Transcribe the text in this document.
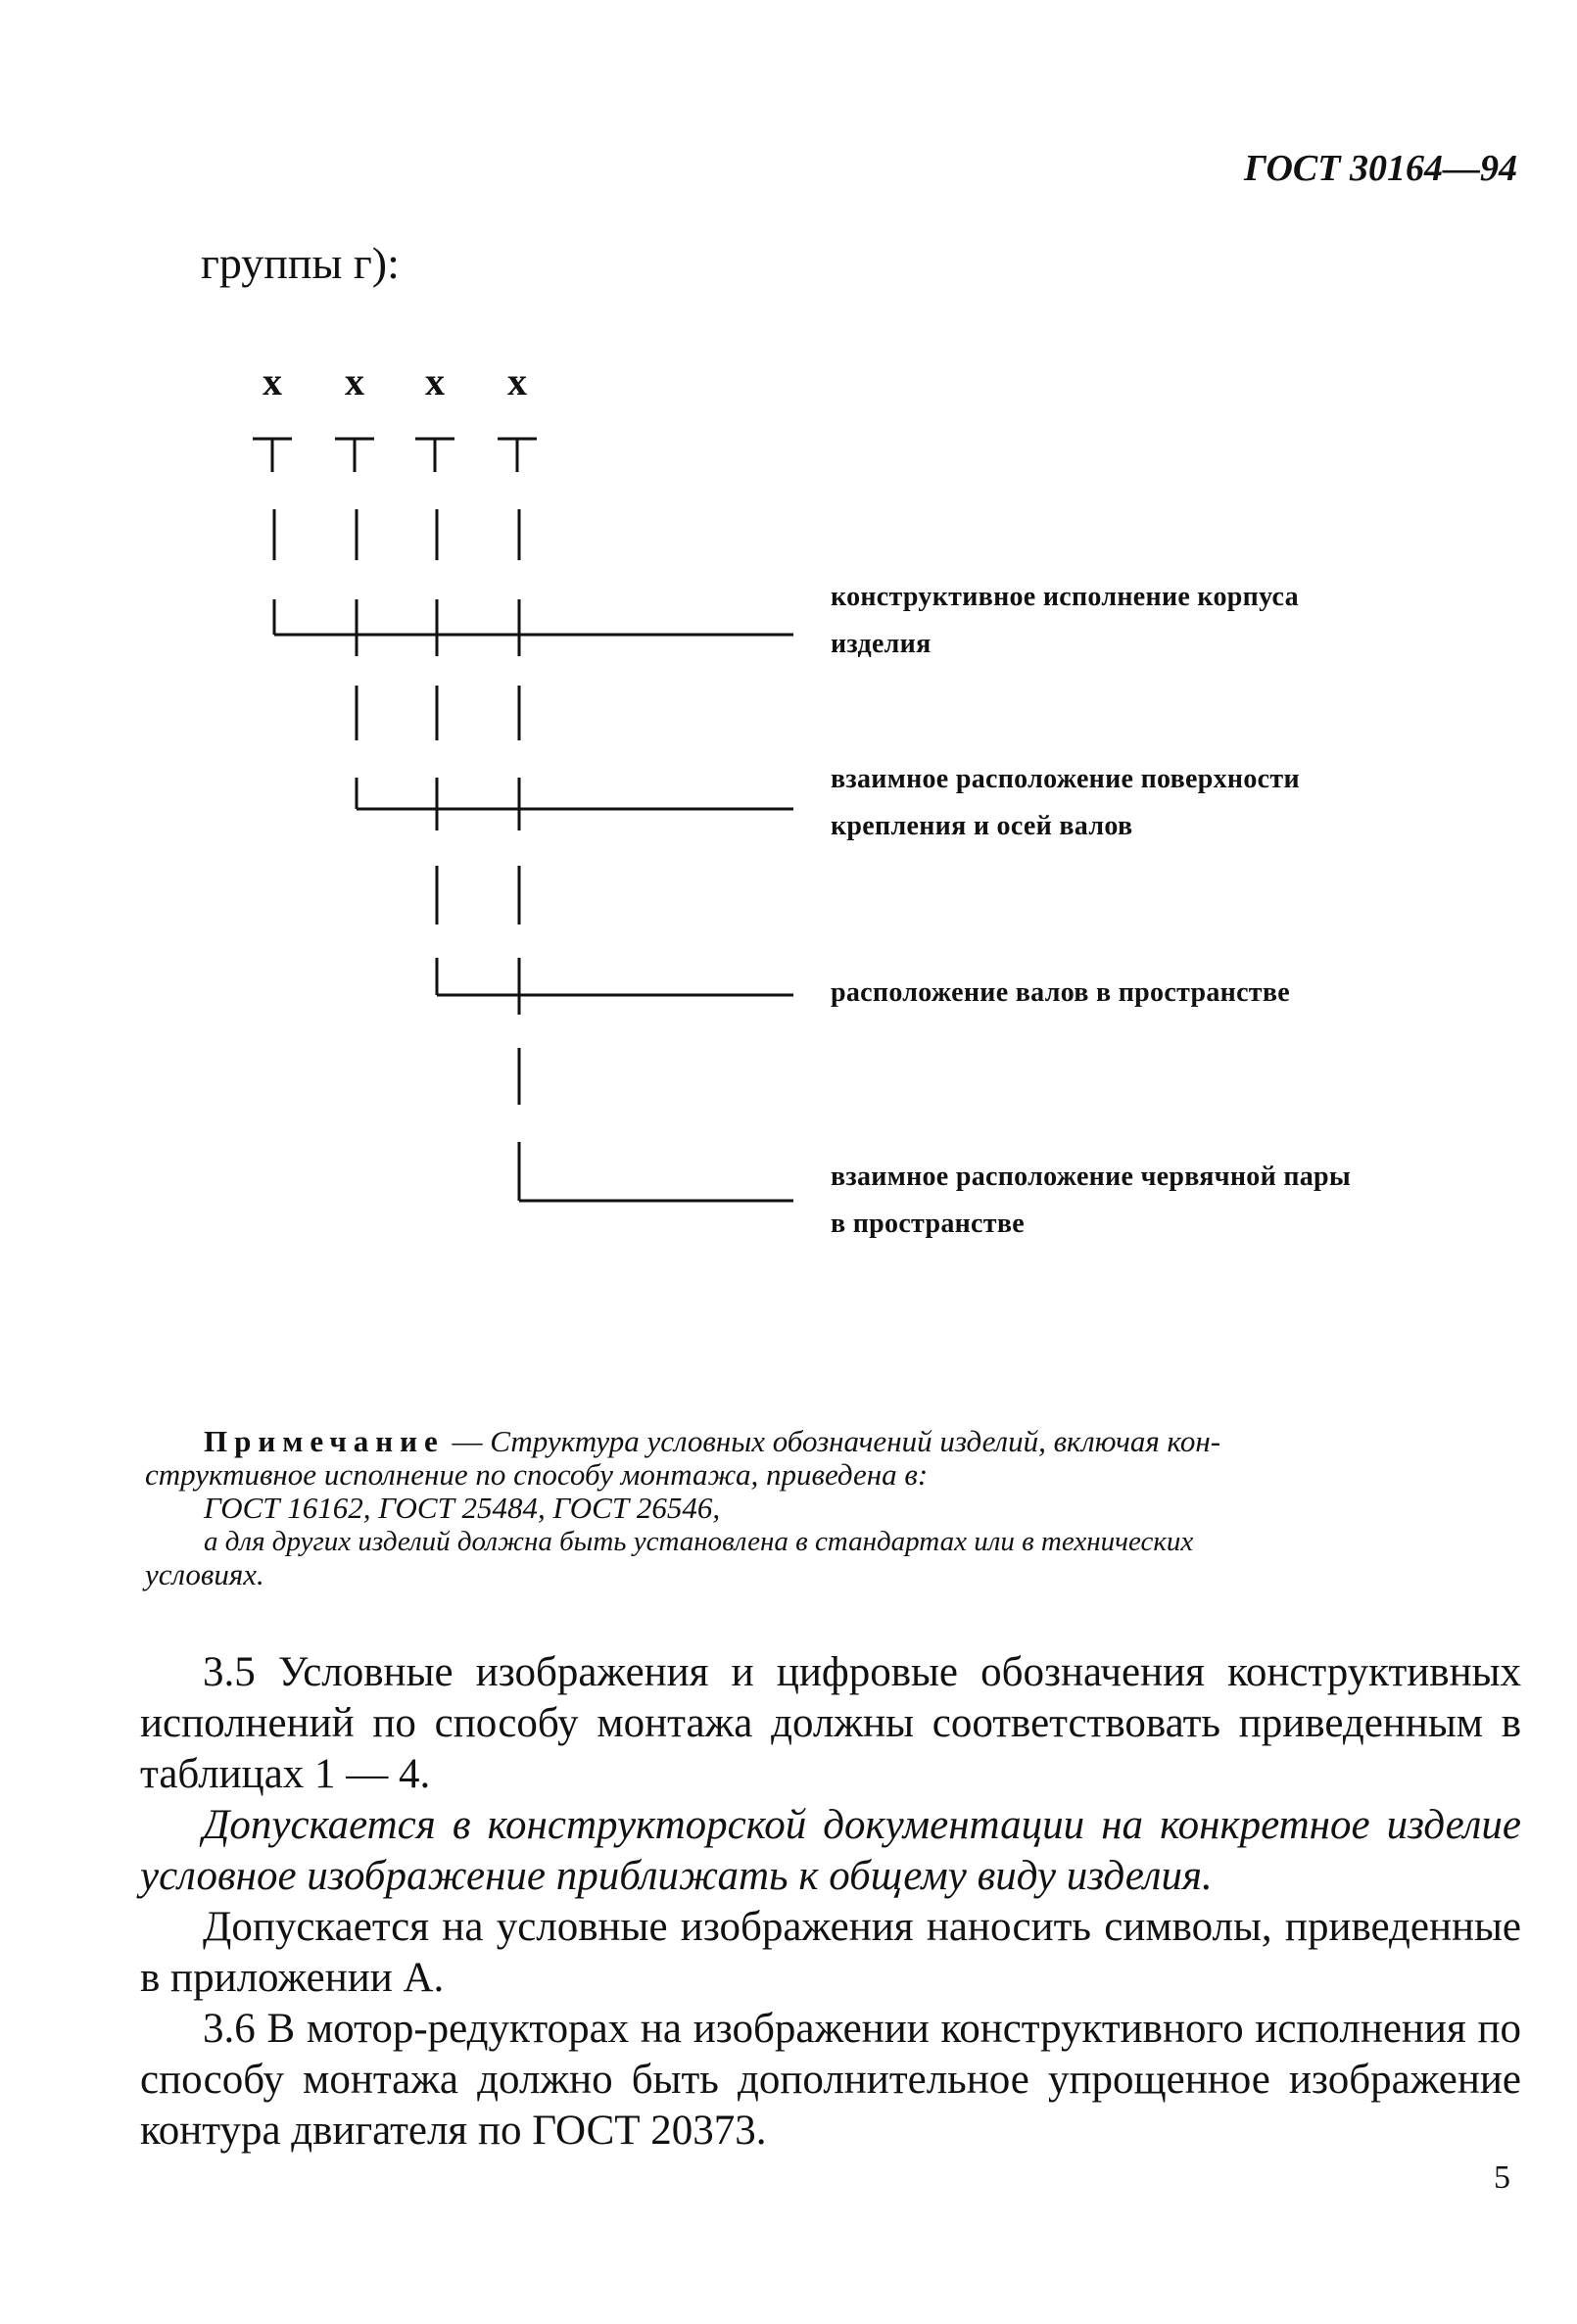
ГОСТ 30164—94
группы г):
x x x x
конструктивное исполнение корпуса
изделия
взаимное расположение поверхности
крепления и осей валов
расположение валов в пространстве
взаимное расположение червячной пары
в пространстве
Примечание — Структура условных обозначений изделий, включая кон-
структивное исполнение по способу монтажа, приведена в:
ГОСТ 16162, ГОСТ 25484, ГОСТ 26546,
а для других изделий должна быть установлена в стандартах или в технических
условиях.
3.5 Условные изображения и цифровые обозначения конструктивных исполнений по способу монтажа должны соответствовать приведенным в таблицах 1 — 4.
Допускается в конструкторской документации на конкретное изделие условное изображение приближать к общему виду изделия.
Допускается на условные изображения наносить символы, приведенные в приложении А.
3.6 В мотор-редукторах на изображении конструктивного исполнения по способу монтажа должно быть дополнительное упрощенное изображение контура двигателя по ГОСТ 20373.
5
